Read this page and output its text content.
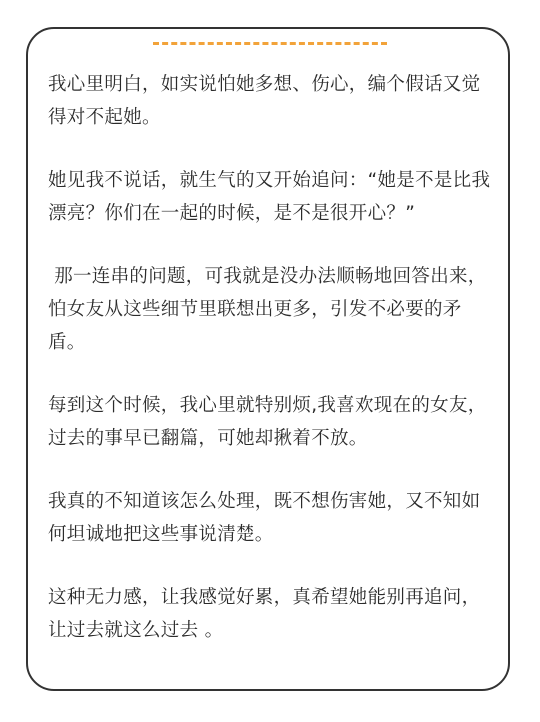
我心里明白，如实说怕她多想、伤心，编个假话又觉得对不起她。

她见我不说话，就生气的又开始追问：“她是不是比我漂亮？你们在一起的时候，是不是很开心？”

那一连串的问题，可我就是没办法顺畅地回答出来，怕女友从这些细节里联想出更多，引发不必要的矛盾。

每到这个时候，我心里就特别烦,我喜欢现在的女友，过去的事早已翻篇，可她却揪着不放。

我真的不知道该怎么处理，既不想伤害她，又不知如何坦诚地把这些事说清楚。

这种无力感，让我感觉好累，真希望她能别再追问，让过去就这么过去 。
